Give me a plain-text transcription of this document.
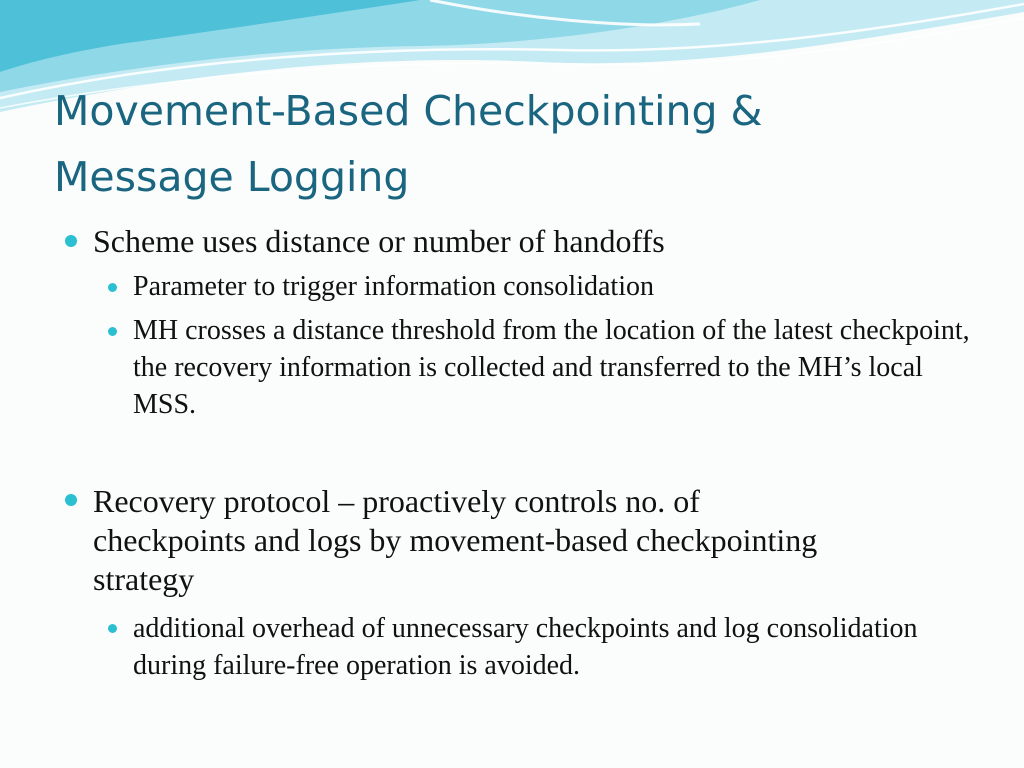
Movement-Based Checkpointing &
Message Logging

Scheme uses distance or number of handoffs

Parameter to trigger information consolidation

MH crosses a distance threshold from the location of the latest checkpoint, the recovery information is collected and transferred to the MH’s local MSS.

Recovery protocol – proactively controls no. of checkpoints and logs by movement-based checkpointing strategy

additional overhead of unnecessary checkpoints and log consolidation during failure-free operation is avoided.
